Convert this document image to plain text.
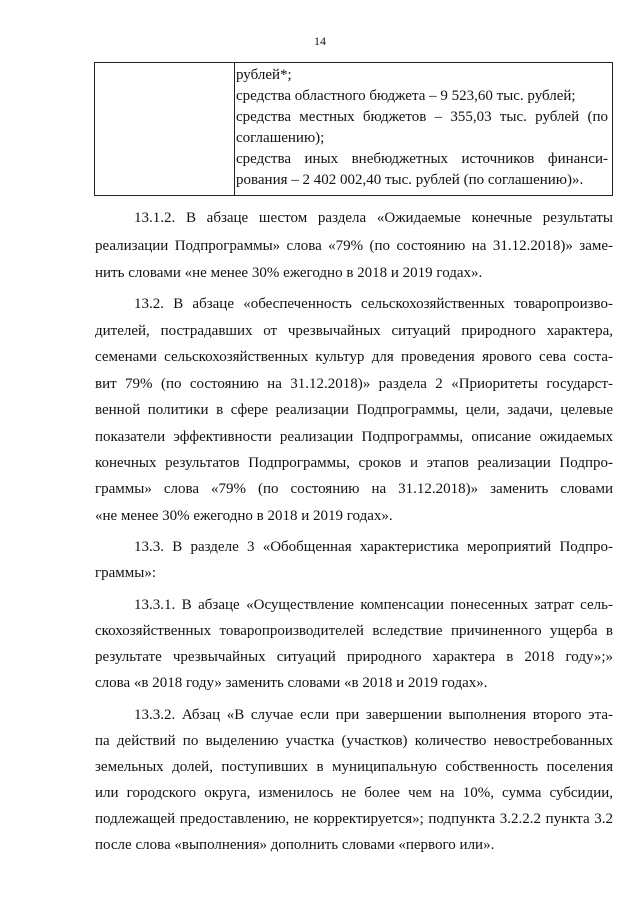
14
рублей*;
средства областного бюджета – 9 523,60 тыс. рублей;
средства местных бюджетов – 355,03 тыс. рублей (по
соглашению);
средства иных внебюджетных источников финанси-
рования – 2 402 002,40 тыс. рублей (по соглашению)».
13.1.2. В абзаце шестом раздела «Ожидаемые конечные результаты
реализации Подпрограммы» слова «79% (по состоянию на 31.12.2018)» заме-
нить словами «не менее 30% ежегодно в 2018 и 2019 годах».
13.2. В абзаце «обеспеченность сельскохозяйственных товаропроизво-
дителей, пострадавших от чрезвычайных ситуаций природного характера,
семенами сельскохозяйственных культур для проведения ярового сева соста-
вит 79% (по состоянию на 31.12.2018)» раздела 2 «Приоритеты государст-
венной политики в сфере реализации Подпрограммы, цели, задачи, целевые
показатели эффективности реализации Подпрограммы, описание ожидаемых
конечных результатов Подпрограммы, сроков и этапов реализации Подпро-
граммы» слова «79% (по состоянию на 31.12.2018)» заменить словами
«не менее 30% ежегодно в 2018 и 2019 годах».
13.3. В разделе 3 «Обобщенная характеристика мероприятий Подпро-
граммы»:
13.3.1. В абзаце «Осуществление компенсации понесенных затрат сель-
скохозяйственных товаропроизводителей вследствие причиненного ущерба в
результате чрезвычайных ситуаций природного характера в 2018 году»;»
слова «в 2018 году» заменить словами «в 2018 и 2019 годах».
13.3.2. Абзац «В случае если при завершении выполнения второго эта-
па действий по выделению участка (участков) количество невостребованных
земельных долей, поступивших в муниципальную собственность поселения
или городского округа, изменилось не более чем на 10%, сумма субсидии,
подлежащей предоставлению, не корректируется»; подпункта 3.2.2.2 пункта 3.2
после слова «выполнения» дополнить словами «первого или».
